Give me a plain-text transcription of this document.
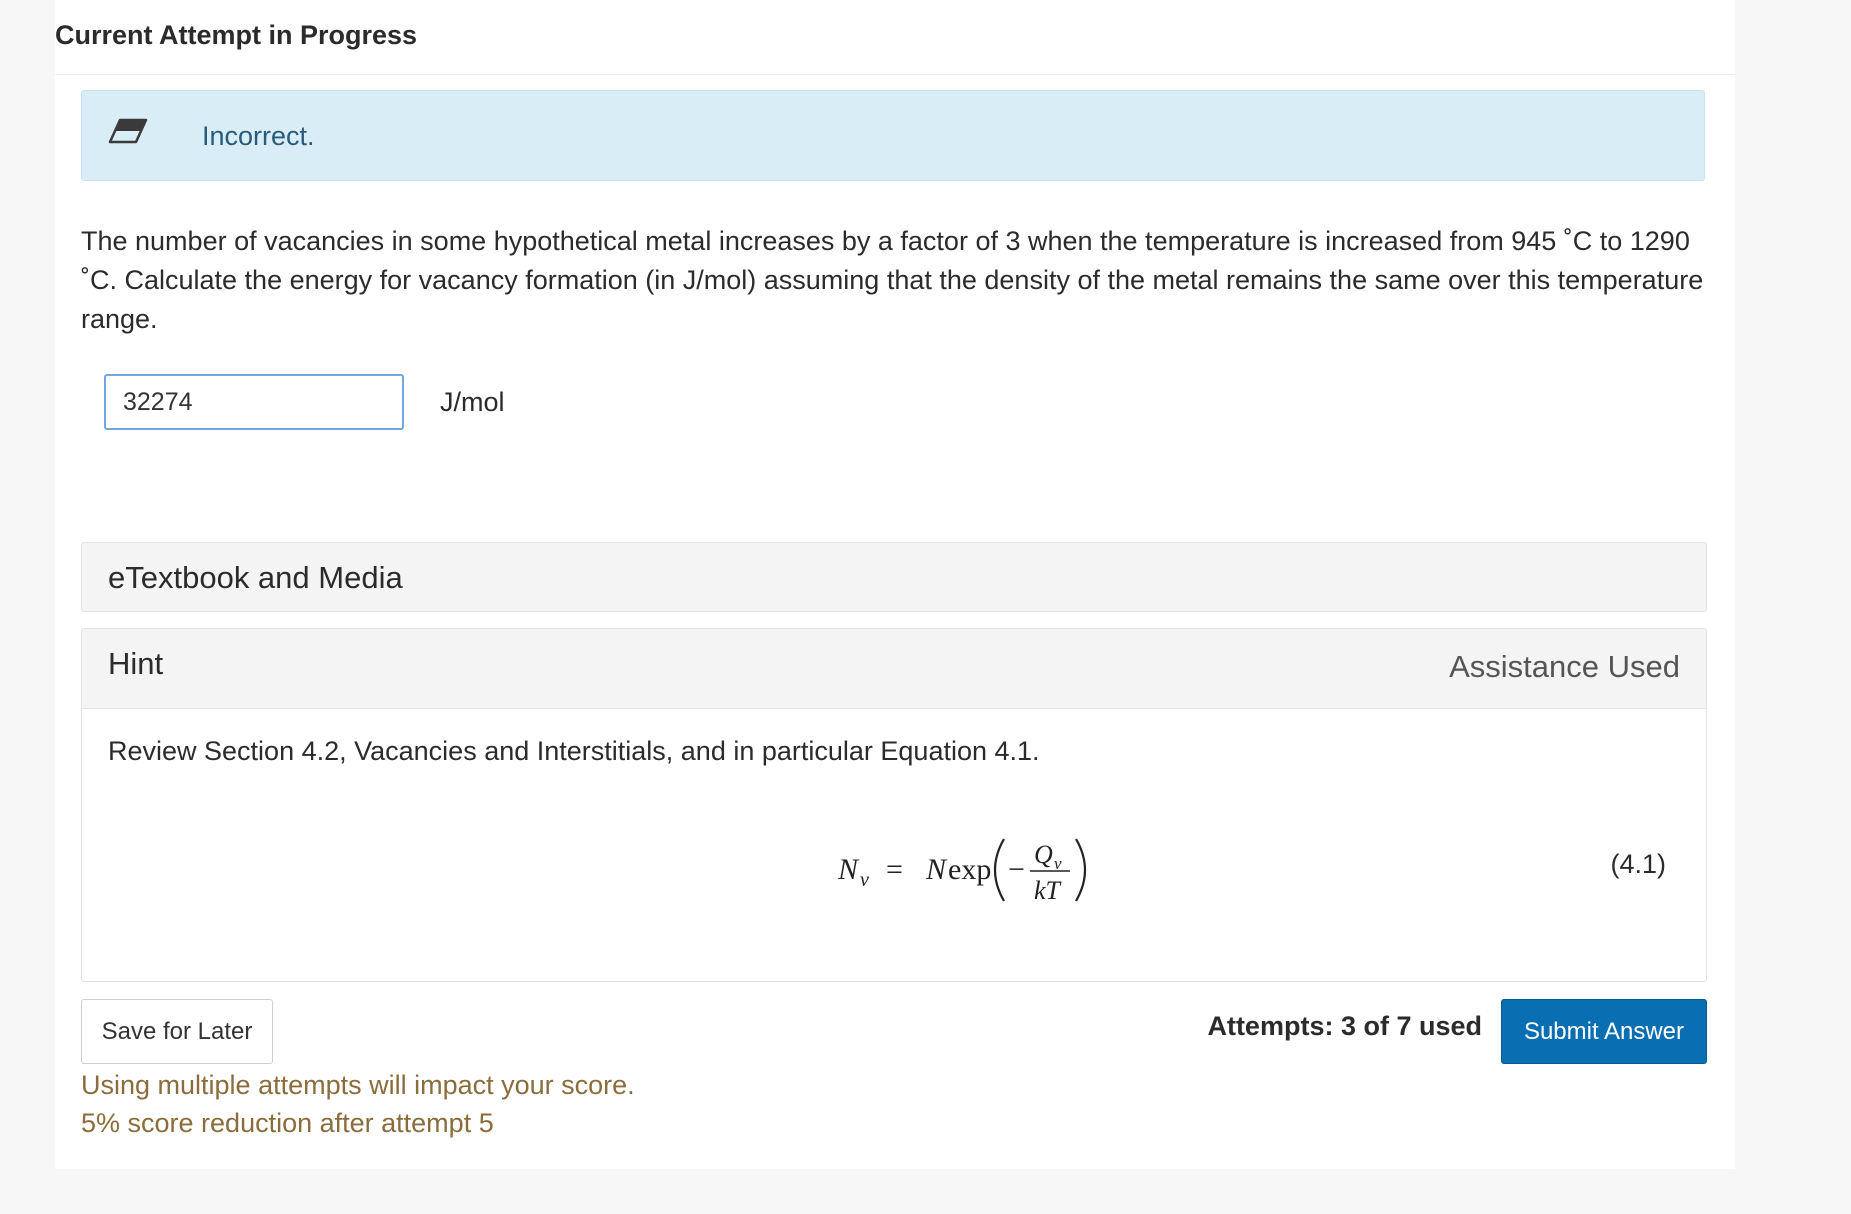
Current Attempt in Progress
Incorrect.
The number of vacancies in some hypothetical metal increases by a factor of 3 when the temperature is increased from 945 ˚C to 1290 ˚C. Calculate the energy for vacancy formation (in J/mol) assuming that the density of the metal remains the same over this temperature range.
32274
J/mol
eTextbook and Media
Hint	Assistance Used
Review Section 4.2, Vacancies and Interstitials, and in particular Equation 4.1.
N v = N exp − Q v
kT
(4.1)
Save for Later
Using multiple attempts will impact your score.
5% score reduction after attempt 5
Attempts: 3 of 7 used	Submit Answer
